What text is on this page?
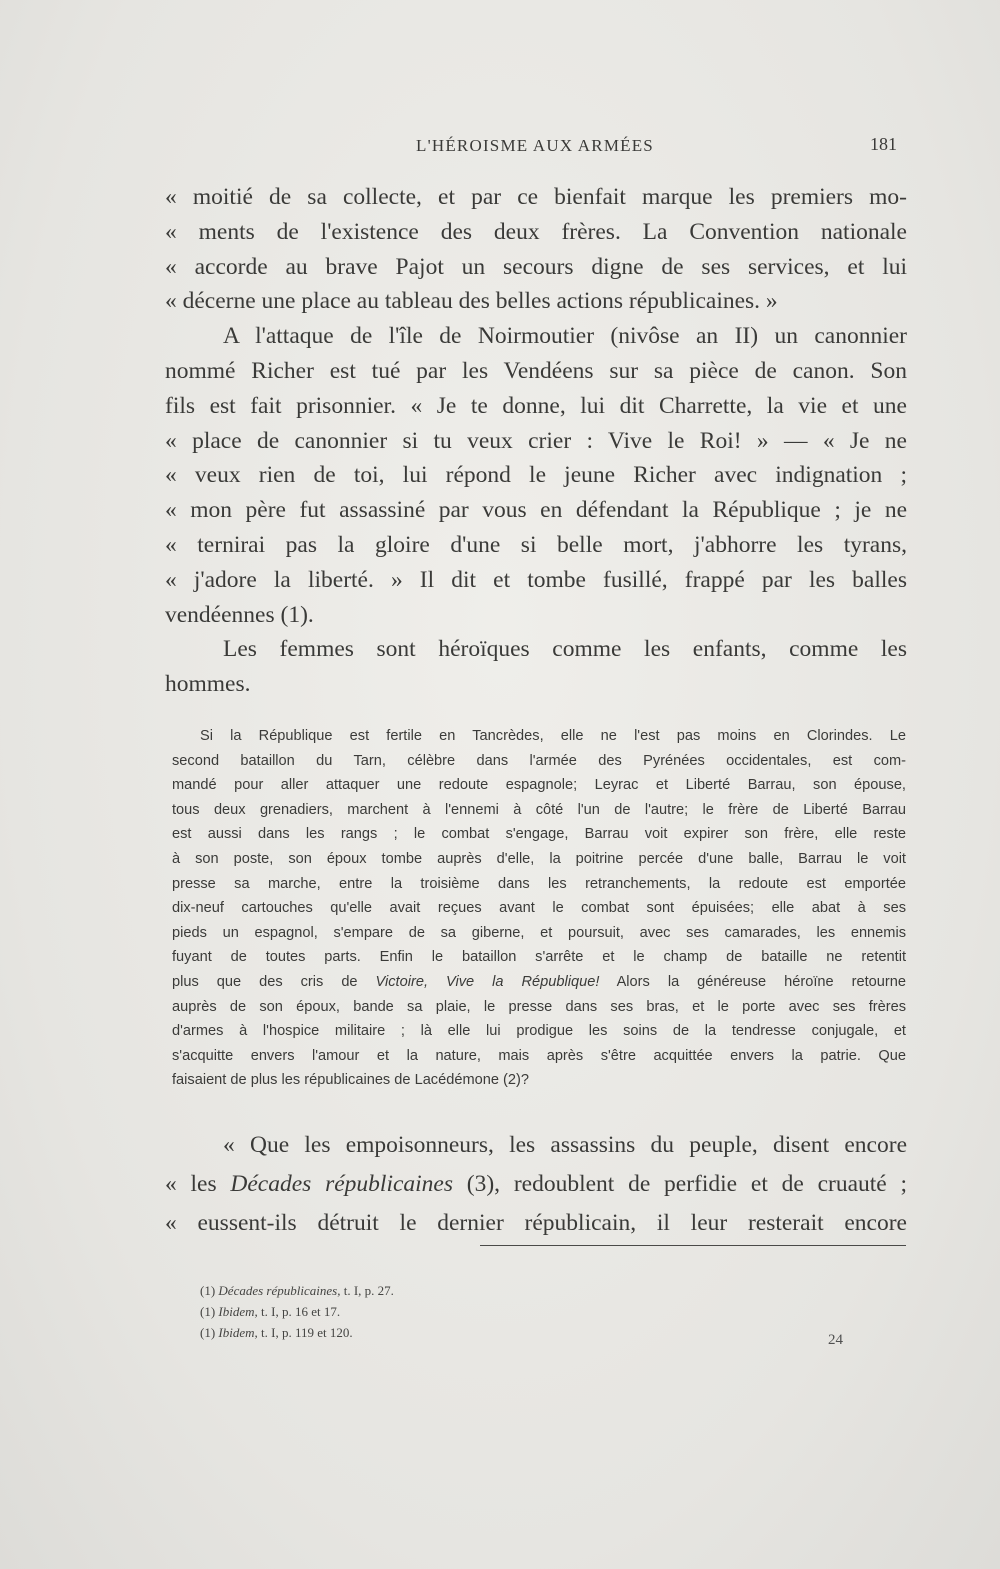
L'HÉROISME AUX ARMÉES	181
« moitié de sa collecte, et par ce bienfait marque les premiers mo-
« ments de l'existence des deux frères. La Convention nationale
« accorde au brave Pajot un secours digne de ses services, et lui
« décerne une place au tableau des belles actions républicaines. »
A l'attaque de l'île de Noirmoutier (nivôse an II) un canonnier
nommé Richer est tué par les Vendéens sur sa pièce de canon. Son
fils est fait prisonnier. « Je te donne, lui dit Charrette, la vie et une
« place de canonnier si tu veux crier : Vive le Roi! » — « Je ne
« veux rien de toi, lui répond le jeune Richer avec indignation ;
« mon père fut assassiné par vous en défendant la République ; je ne
« ternirai pas la gloire d'une si belle mort, j'abhorre les tyrans,
« j'adore la liberté. » Il dit et tombe fusillé, frappé par les balles
vendéennes (1).
Les femmes sont héroïques comme les enfants, comme les
hommes.
Si la République est fertile en Tancrèdes, elle ne l'est pas moins en Clorindes. Le
second bataillon du Tarn, célèbre dans l'armée des Pyrénées occidentales, est com-
mandé pour aller attaquer une redoute espagnole; Leyrac et Liberté Barrau, son épouse,
tous deux grenadiers, marchent à l'ennemi à côté l'un de l'autre; le frère de Liberté Barrau
est aussi dans les rangs ; le combat s'engage, Barrau voit expirer son frère, elle reste
à son poste, son époux tombe auprès d'elle, la poitrine percée d'une balle, Barrau le voit
presse sa marche, entre la troisième dans les retranchements, la redoute est emportée
dix-neuf cartouches qu'elle avait reçues avant le combat sont épuisées; elle abat à ses
pieds un espagnol, s'empare de sa giberne, et poursuit, avec ses camarades, les ennemis
fuyant de toutes parts. Enfin le bataillon s'arrête et le champ de bataille ne retentit
plus que des cris de Victoire, Vive la République! Alors la généreuse héroïne retourne
auprès de son époux, bande sa plaie, le presse dans ses bras, et le porte avec ses frères
d'armes à l'hospice militaire ; là elle lui prodigue les soins de la tendresse conjugale, et
s'acquitte envers l'amour et la nature, mais après s'être acquittée envers la patrie. Que
faisaient de plus les républicaines de Lacédémone (2)?
« Que les empoisonneurs, les assassins du peuple, disent encore
« les Décades républicaines (3), redoublent de perfidie et de cruauté ;
« eussent-ils détruit le dernier républicain, il leur resterait encore
(1) Décades républicaines, t. I, p. 27.
(1) Ibidem, t. I, p. 16 et 17.
(1) Ibidem, t. I, p. 119 et 120.	24
